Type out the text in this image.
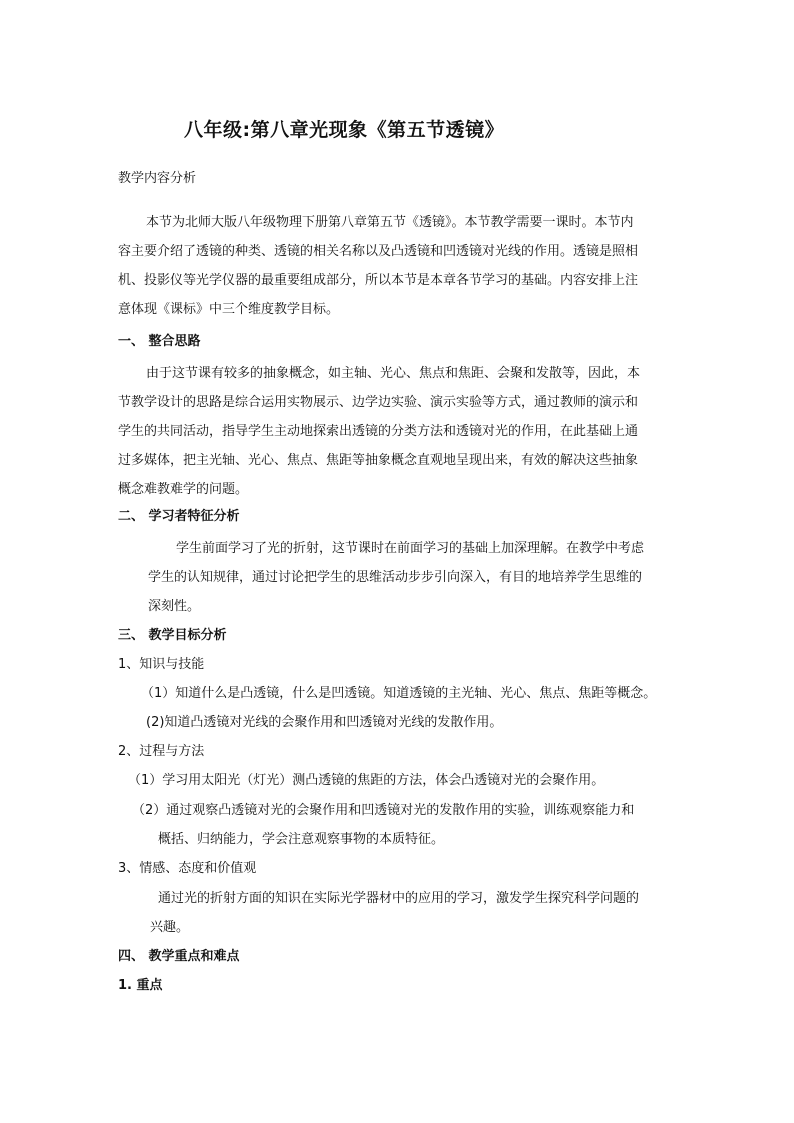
八年级:第八章光现象《第五节透镜》
教学内容分析
本节为北师大版八年级物理下册第八章第五节《透镜》。本节教学需要一课时。本节内
容主要介绍了透镜的种类、透镜的相关名称以及凸透镜和凹透镜对光线的作用。透镜是照相
机、投影仪等光学仪器的最重要组成部分，所以本节是本章各节学习的基础。内容安排上注
意体现《课标》中三个维度教学目标。
一、 整合思路
由于这节课有较多的抽象概念，如主轴、光心、焦点和焦距、会聚和发散等，因此，本
节教学设计的思路是综合运用实物展示、边学边实验、演示实验等方式，通过教师的演示和
学生的共同活动，指导学生主动地探索出透镜的分类方法和透镜对光的作用，在此基础上通
过多媒体，把主光轴、光心、焦点、焦距等抽象概念直观地呈现出来，有效的解决这些抽象
概念难教难学的问题。
二、 学习者特征分析
学生前面学习了光的折射，这节课时在前面学习的基础上加深理解。在教学中考虑
学生的认知规律，通过讨论把学生的思维活动步步引向深入，有目的地培养学生思维的
深刻性。
三、 教学目标分析
1、知识与技能
（1）知道什么是凸透镜，什么是凹透镜。知道透镜的主光轴、光心、焦点、焦距等概念。
(2)知道凸透镜对光线的会聚作用和凹透镜对光线的发散作用。
2、过程与方法
（1）学习用太阳光（灯光）测凸透镜的焦距的方法，体会凸透镜对光的会聚作用。
（2）通过观察凸透镜对光的会聚作用和凹透镜对光的发散作用的实验，训练观察能力和
概括、归纳能力，学会注意观察事物的本质特征。
3、情感、态度和价值观
通过光的折射方面的知识在实际光学器材中的应用的学习，激发学生探究科学问题的
兴趣。
四、 教学重点和难点
1. 重点
